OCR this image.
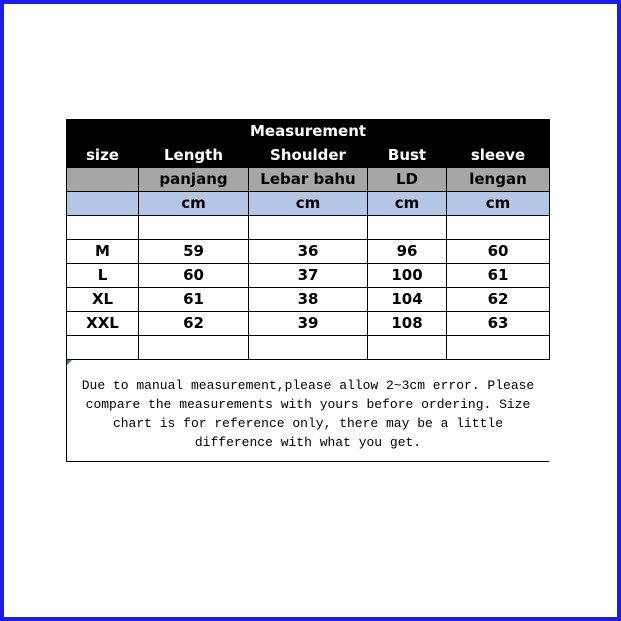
Measurement				
size	Length	Shoulder	Bust	sleeve
	panjang	Lebar bahu	LD	lengan
	cm	cm	cm	cm

M	59	36	96	60
L	60	37	100	61
XL	61	38	104	62
XXL	62	39	108	63

Due to manual measurement,please allow 2~3cm error. Please
compare the measurements with yours before ordering. Size
chart is for reference only, there may be a little
difference with what you get.
